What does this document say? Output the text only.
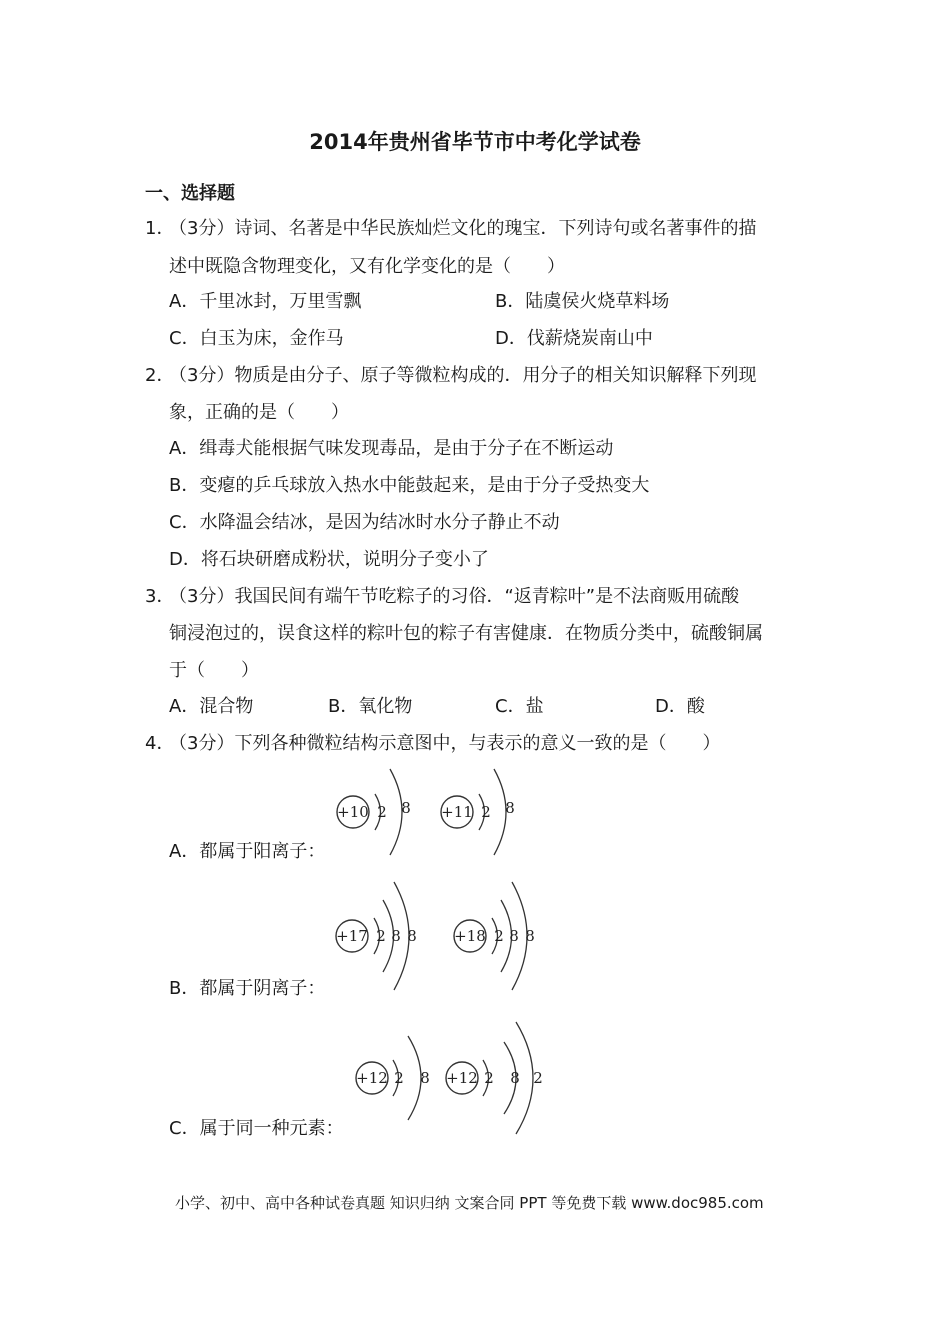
2014年贵州省毕节市中考化学试卷
一、选择题
1．
（3分）诗词、名著是中华民族灿烂文化的瑰宝．下列诗句或名著事件的描
述中既隐含物理变化，又有化学变化的是（　　）
A．千里冰封，万里雪飘	B．陆虞侯火烧草料场
C．白玉为床，金作马	D．伐薪烧炭南山中
2．
（3分）物质是由分子、原子等微粒构成的．用分子的相关知识解释下列现
象，正确的是（　　）
A．缉毒犬能根据气味发现毒品，是由于分子在不断运动
B．变瘪的乒乓球放入热水中能鼓起来，是由于分子受热变大
C．水降温会结冰，是因为结冰时水分子静止不动
D．将石块研磨成粉状，说明分子变小了
3．
（3分）我国民间有端午节吃粽子的习俗．“返青粽叶”是不法商贩用硫酸
铜浸泡过的，误食这样的粽叶包的粽子有害健康．在物质分类中，硫酸铜属
于（　　）
A．混合物	B．氧化物	C．盐	D．酸
4．
（3分）下列各种微粒结构示意图中，与表示的意义一致的是（　　）
+10 2 8 +11 2 8
A．都属于阳离子：
+17 2 8 8 +18 2 8 8
B．都属于阴离子：
+12 2 8 +12 2 8 2
C．属于同一种元素：
小学、初中、高中各种试卷真题 知识归纳 文案合同 PPT 等免费下载 www.doc985.com
